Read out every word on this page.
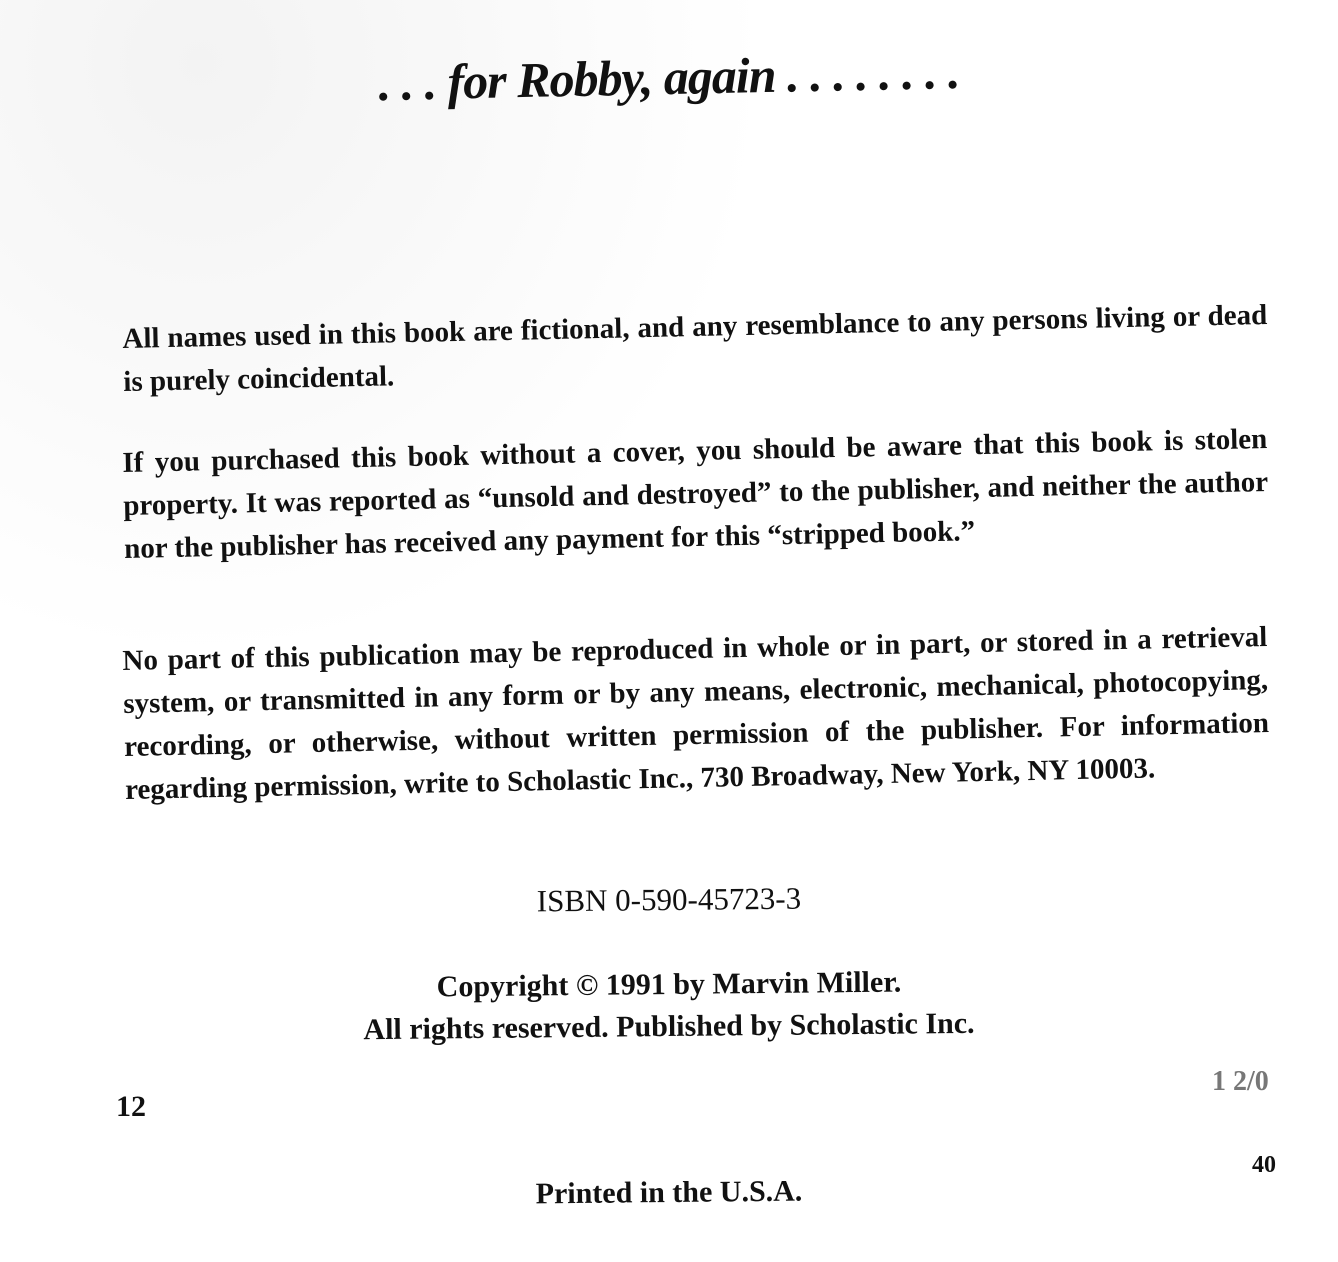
. . . for Robby, again . . . . . . . .
All names used in this book are fictional, and any resemblance to any persons living or dead is purely coincidental.
If you purchased this book without a cover, you should be aware that this book is stolen property. It was reported as “unsold and destroyed” to the publisher, and neither the author nor the publisher has received any payment for this “stripped book.”
No part of this publication may be reproduced in whole or in part, or stored in a retrieval system, or transmitted in any form or by any means, electronic, mechanical, photocopying, recording, or otherwise, without written permission of the publisher. For information regarding permission, write to Scholastic Inc., 730 Broadway, New York, NY 10003.
ISBN 0-590-45723-3
Copyright © 1991 by Marvin Miller.
All rights reserved. Published by Scholastic Inc.
12
1 2/0
40
Printed in the U.S.A.
